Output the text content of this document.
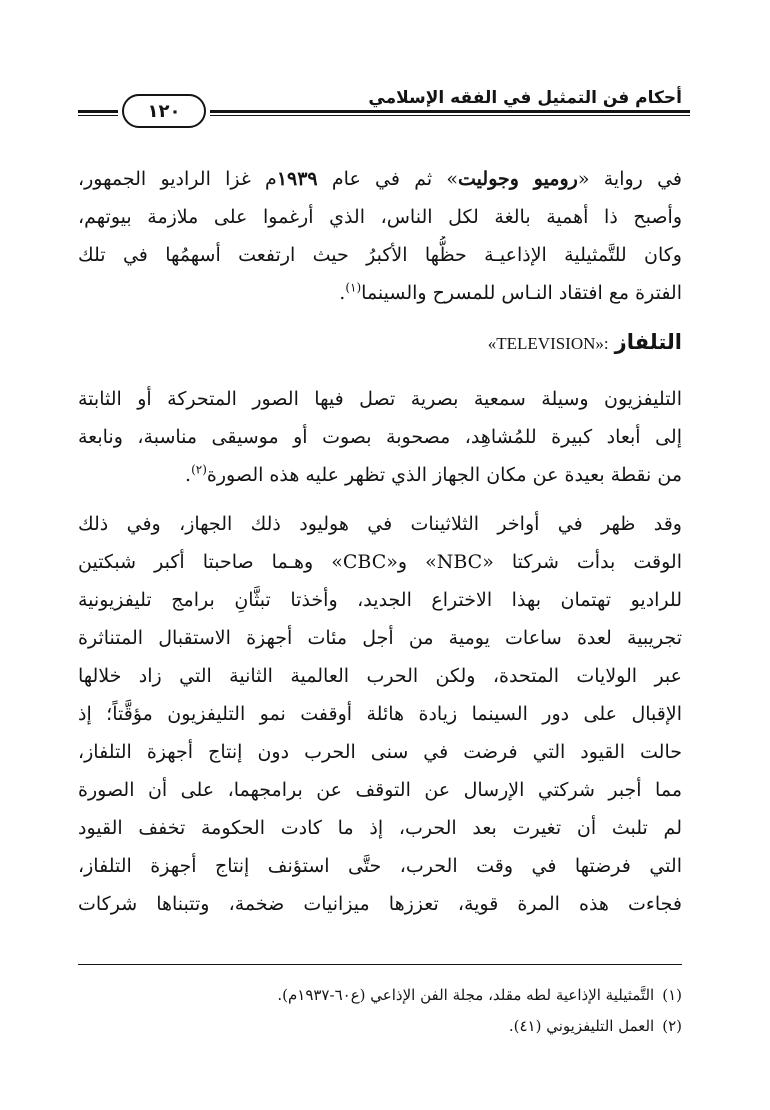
أحكام فن التمثيل في الفقه الإسلامي
١٢٠
في رواية «روميو وجوليت» ثم في عام ١٩٣٩م غزا الراديو الجمهور،
وأصبح ذا أهمية بالغة لكل الناس، الذي أرغموا على ملازمة بيوتهم،
وكان للتَّمثيلية الإذاعيـة حظُّها الأكبرُ حيث ارتفعت أسهمُها في تلك
الفترة مع افتقاد النـاس للمسرح والسينما$^{(١)}$.
التلفاز «TELEVISION»:
التليفزيون وسيلة سمعية بصرية تصل فيها الصور المتحركة أو الثابتة
إلى أبعاد كبيرة للمُشاهِد، مصحوبة بصوت أو موسيقى مناسبة، ونابعة
من نقطة بعيدة عن مكان الجهاز الذي تظهر عليه هذه الصورة$^{(٢)}$.
وقد ظهر في أواخر الثلاثينات في هوليود ذلك الجهاز، وفي ذلك
الوقت بدأت شركتا «NBC» و«CBC» وهـما صاحبتا أكبر شبكتين
للراديو تهتمان بهذا الاختراع الجديد، وأخذتا تبثَّانِ برامج تليفزيونية
تجريبية لعدة ساعات يومية من أجل مئات أجهزة الاستقبال المتناثرة
عبر الولايات المتحدة، ولكن الحرب العالمية الثانية التي زاد خلالها
الإقبال على دور السينما زيادة هائلة أوقفت نمو التليفزيون مؤقَّتاً؛ إذ
حالت القيود التي فرضت في سنى الحرب دون إنتاج أجهزة التلفاز،
مما أجبر شركتي الإرسال عن التوقف عن برامجهما، على أن الصورة
لم تلبث أن تغيرت بعد الحرب، إذ ما كادت الحكومة تخفف القيود
التي فرضتها في وقت الحرب، حتَّى استؤنف إنتاج أجهزة التلفاز،
فجاءت هذه المرة قوية، تعززها ميزانيات ضخمة، وتتبناها شركات
(١)التَّمثيلية الإذاعية لطه مقلد، مجلة الفن الإذاعي (ع٦٠-١٩٣٧م).
(٢)العمل التليفزيوني (٤١).
